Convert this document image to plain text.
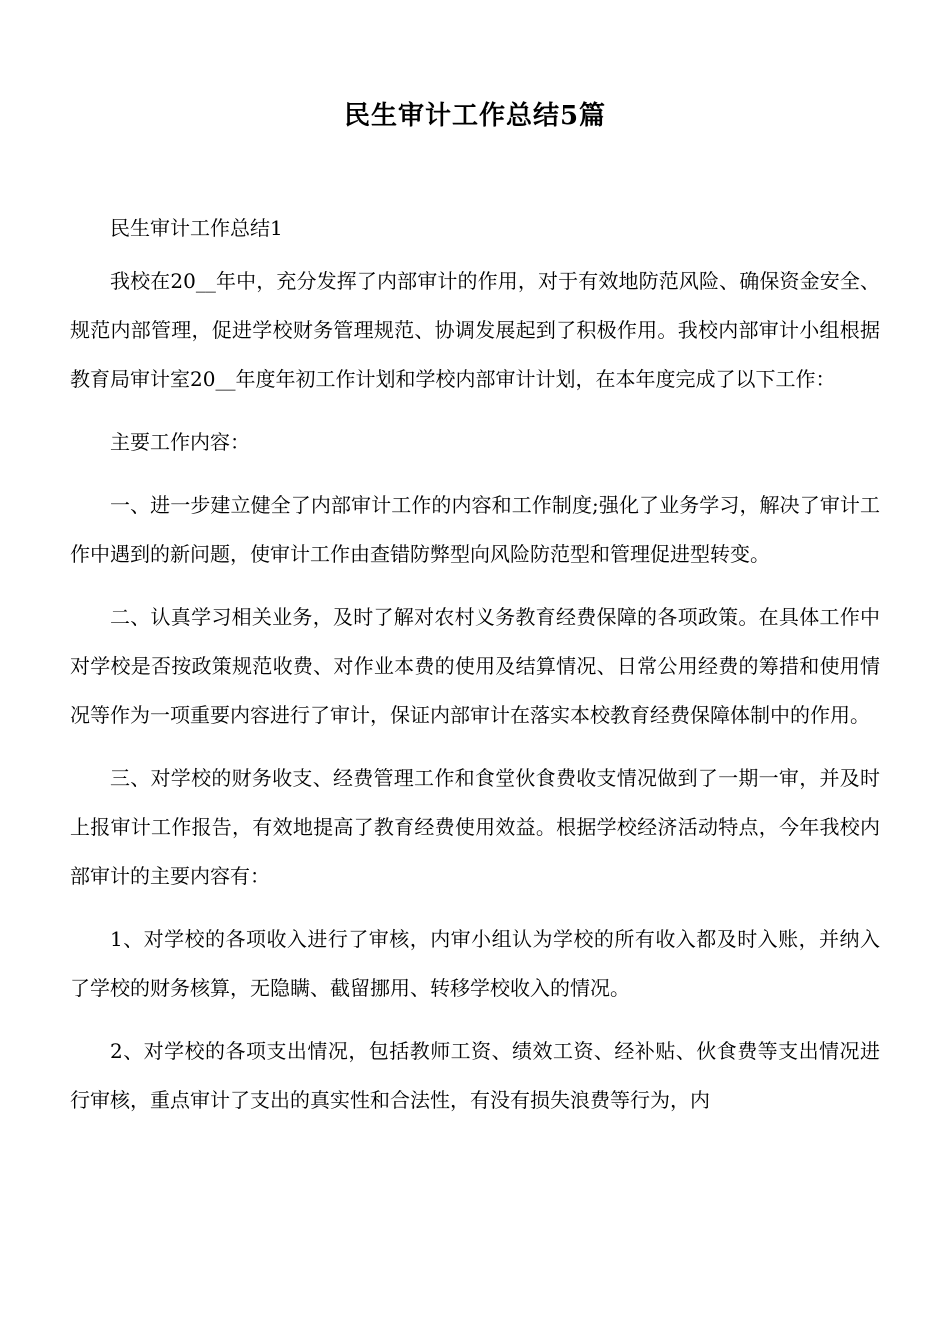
民生审计工作总结5篇

民生审计工作总结1

我校在20__年中，充分发挥了内部审计的作用，对于有效地防范风险、确保资金安全、规范内部管理，促进学校财务管理规范、协调发展起到了积极作用。我校内部审计小组根据教育局审计室20__年度年初工作计划和学校内部审计计划，在本年度完成了以下工作：

主要工作内容：

一、进一步建立健全了内部审计工作的内容和工作制度;强化了业务学习，解决了审计工作中遇到的新问题，使审计工作由查错防弊型向风险防范型和管理促进型转变。

二、认真学习相关业务，及时了解对农村义务教育经费保障的各项政策。在具体工作中对学校是否按政策规范收费、对作业本费的使用及结算情况、日常公用经费的筹措和使用情况等作为一项重要内容进行了审计，保证内部审计在落实本校教育经费保障体制中的作用。

三、对学校的财务收支、经费管理工作和食堂伙食费收支情况做到了一期一审，并及时上报审计工作报告，有效地提高了教育经费使用效益。根据学校经济活动特点，今年我校内部审计的主要内容有：

1、对学校的各项收入进行了审核，内审小组认为学校的所有收入都及时入账，并纳入了学校的财务核算，无隐瞒、截留挪用、转移学校收入的情况。

2、对学校的各项支出情况，包括教师工资、绩效工资、经补贴、伙食费等支出情况进行审核，重点审计了支出的真实性和合法性，有没有损失浪费等行为，内
